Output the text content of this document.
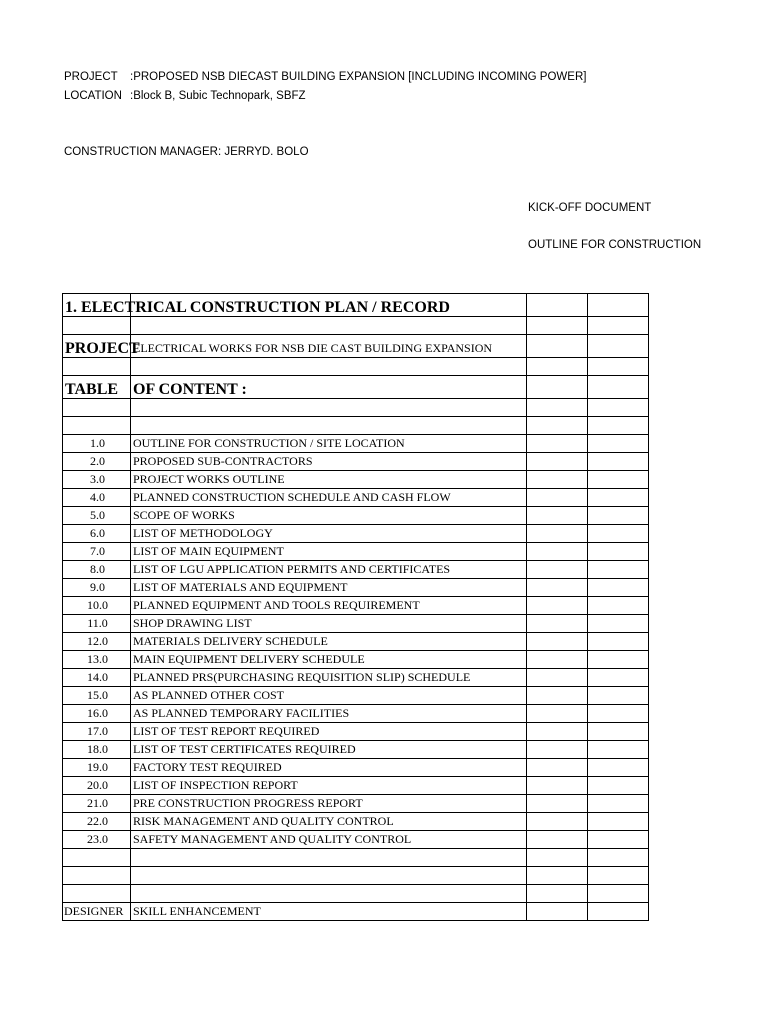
PROJECT :PROPOSED NSB DIECAST BUILDING EXPANSION [INCLUDING INCOMING POWER]
LOCATION :Block B, Subic Technopark, SBFZ
CONSTRUCTION MANAGER: JERRYD. BOLO
KICK-OFF DOCUMENT
OUTLINE FOR CONSTRUCTION
1. ELECTRICAL CONSTRUCTION PLAN / RECORD			

PROJECT	ELECTRICAL WORKS FOR NSB DIE CAST BUILDING EXPANSION		

TABLE	OF CONTENT :		

1.0	OUTLINE FOR CONSTRUCTION / SITE LOCATION		
2.0	PROPOSED SUB-CONTRACTORS		
3.0	PROJECT WORKS OUTLINE		
4.0	PLANNED CONSTRUCTION SCHEDULE AND CASH FLOW		
5.0	SCOPE OF WORKS		
6.0	LIST OF METHODOLOGY		
7.0	LIST OF MAIN EQUIPMENT		
8.0	LIST OF LGU APPLICATION PERMITS AND CERTIFICATES		
9.0	LIST OF MATERIALS AND EQUIPMENT		
10.0	PLANNED EQUIPMENT AND TOOLS REQUIREMENT		
11.0	SHOP DRAWING LIST		
12.0	MATERIALS DELIVERY SCHEDULE		
13.0	MAIN EQUIPMENT DELIVERY SCHEDULE		
14.0	PLANNED PRS(PURCHASING REQUISITION SLIP) SCHEDULE		
15.0	AS PLANNED OTHER COST		
16.0	AS PLANNED TEMPORARY FACILITIES		
17.0	LIST OF TEST REPORT REQUIRED		
18.0	LIST OF TEST CERTIFICATES REQUIRED		
19.0	FACTORY TEST REQUIRED		
20.0	LIST OF INSPECTION REPORT		
21.0	PRE CONSTRUCTION PROGRESS REPORT		
22.0	RISK MANAGEMENT AND QUALITY CONTROL		
23.0	SAFETY MANAGEMENT AND QUALITY CONTROL		

DESIGNER	SKILL ENHANCEMENT		
